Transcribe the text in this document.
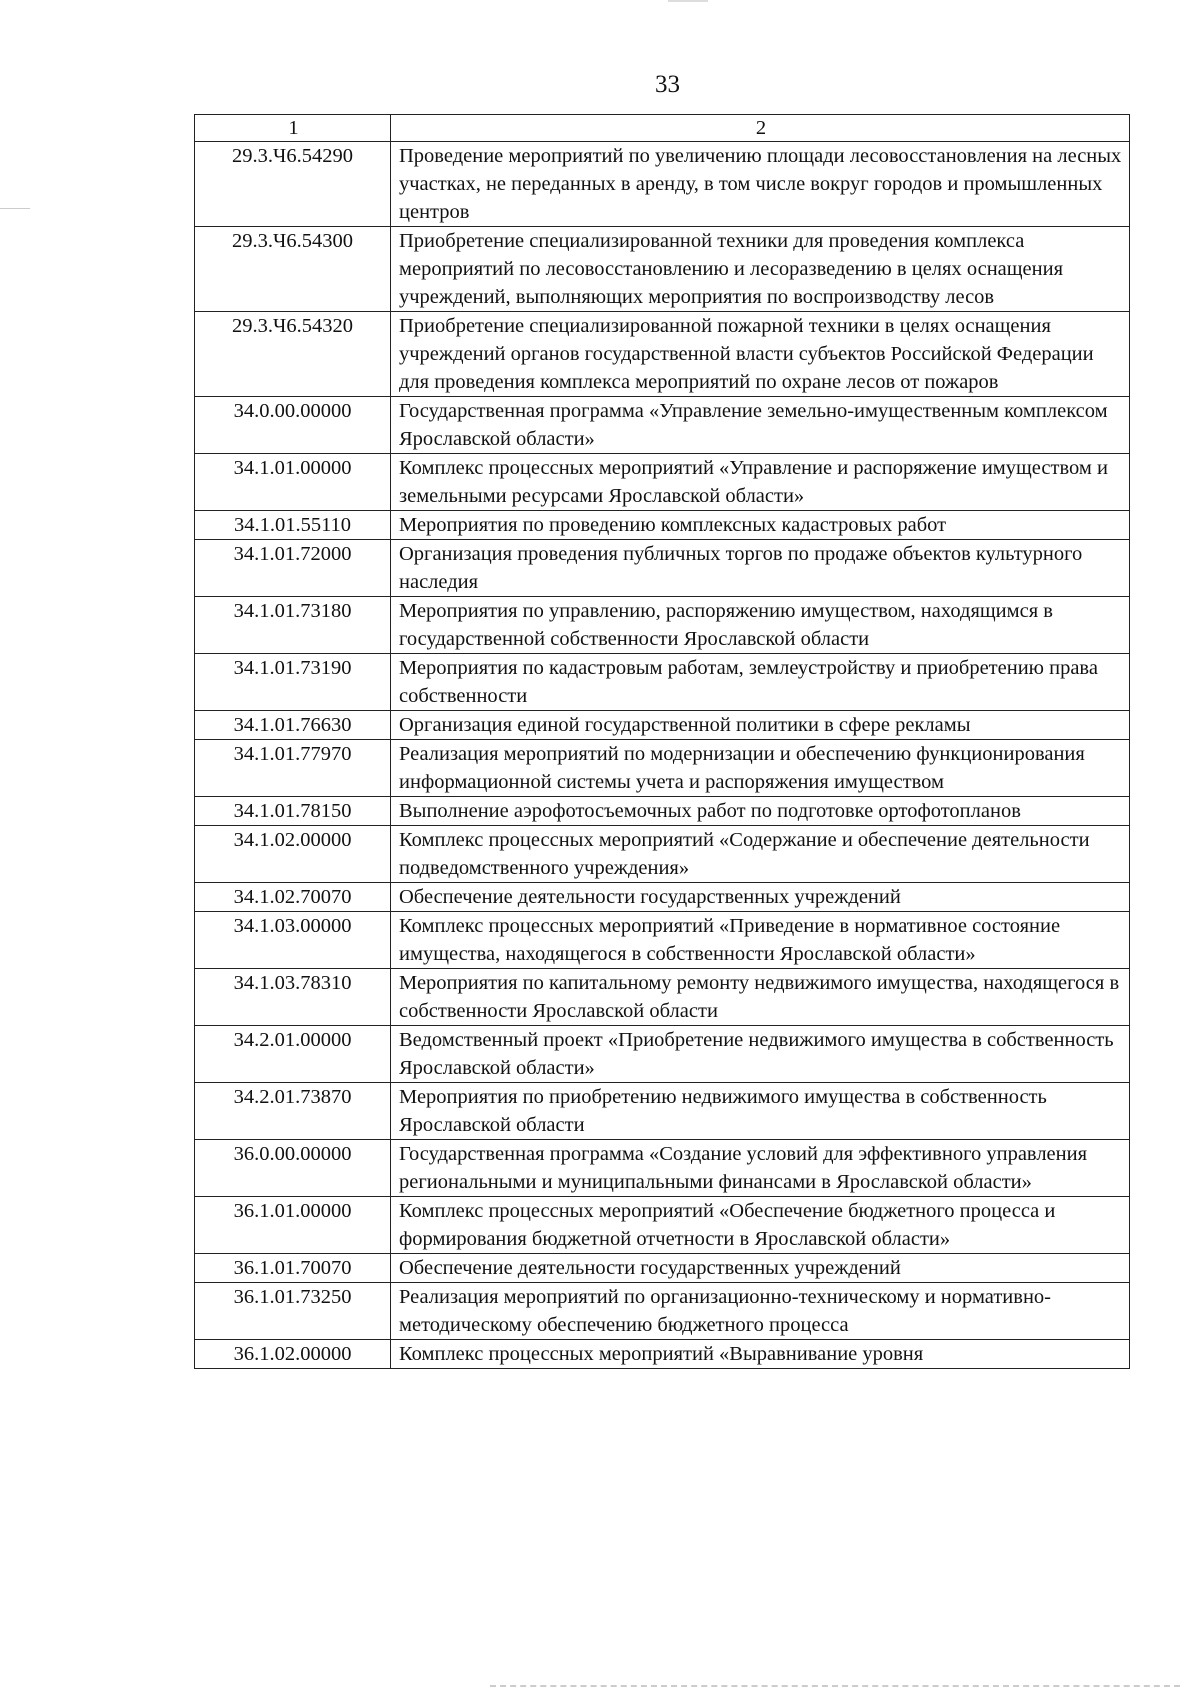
33
1	2
29.3.Ч6.54290	Проведение мероприятий по увеличению площади лесовосстановления на лесных участках, не переданных в аренду, в том числе вокруг городов и промышленных центров
29.3.Ч6.54300	Приобретение специализированной техники для проведения комплекса мероприятий по лесовосстановлению и лесоразведению в целях оснащения учреждений, выполняющих мероприятия по воспроизводству лесов
29.3.Ч6.54320	Приобретение специализированной пожарной техники в целях оснащения учреждений органов государственной власти субъектов Российской Федерации для проведения комплекса мероприятий по охране лесов от пожаров
34.0.00.00000	Государственная программа «Управление земельно-имущественным комплексом Ярославской области»
34.1.01.00000	Комплекс процессных мероприятий «Управление и распоряжение имуществом и земельными ресурсами Ярославской области»
34.1.01.55110	Мероприятия по проведению комплексных кадастровых работ
34.1.01.72000	Организация проведения публичных торгов по продаже объектов культурного наследия
34.1.01.73180	Мероприятия по управлению, распоряжению имуществом, находящимся в государственной собственности Ярославской области
34.1.01.73190	Мероприятия по кадастровым работам, землеустройству и приобретению права собственности
34.1.01.76630	Организация единой государственной политики в сфере рекламы
34.1.01.77970	Реализация мероприятий по модернизации и обеспечению функционирования информационной системы учета и распоряжения имуществом
34.1.01.78150	Выполнение аэрофотосъемочных работ по подготовке ортофотопланов
34.1.02.00000	Комплекс процессных мероприятий «Содержание и обеспечение деятельности подведомственного учреждения»
34.1.02.70070	Обеспечение деятельности государственных учреждений
34.1.03.00000	Комплекс процессных мероприятий «Приведение в нормативное состояние имущества, находящегося в собственности Ярославской области»
34.1.03.78310	Мероприятия по капитальному ремонту недвижимого имущества, находящегося в собственности Ярославской области
34.2.01.00000	Ведомственный проект «Приобретение недвижимого имущества в собственность Ярославской области»
34.2.01.73870	Мероприятия по приобретению недвижимого имущества в собственность Ярославской области
36.0.00.00000	Государственная программа «Создание условий для эффективного управления региональными и муниципальными финансами в Ярославской области»
36.1.01.00000	Комплекс процессных мероприятий «Обеспечение бюджетного процесса и формирования бюджетной отчетности в Ярославской области»
36.1.01.70070	Обеспечение деятельности государственных учреждений
36.1.01.73250	Реализация мероприятий по организационно-техническому и нормативно-методическому обеспечению бюджетного процесса
36.1.02.00000	Комплекс процессных мероприятий «Выравнивание уровня
